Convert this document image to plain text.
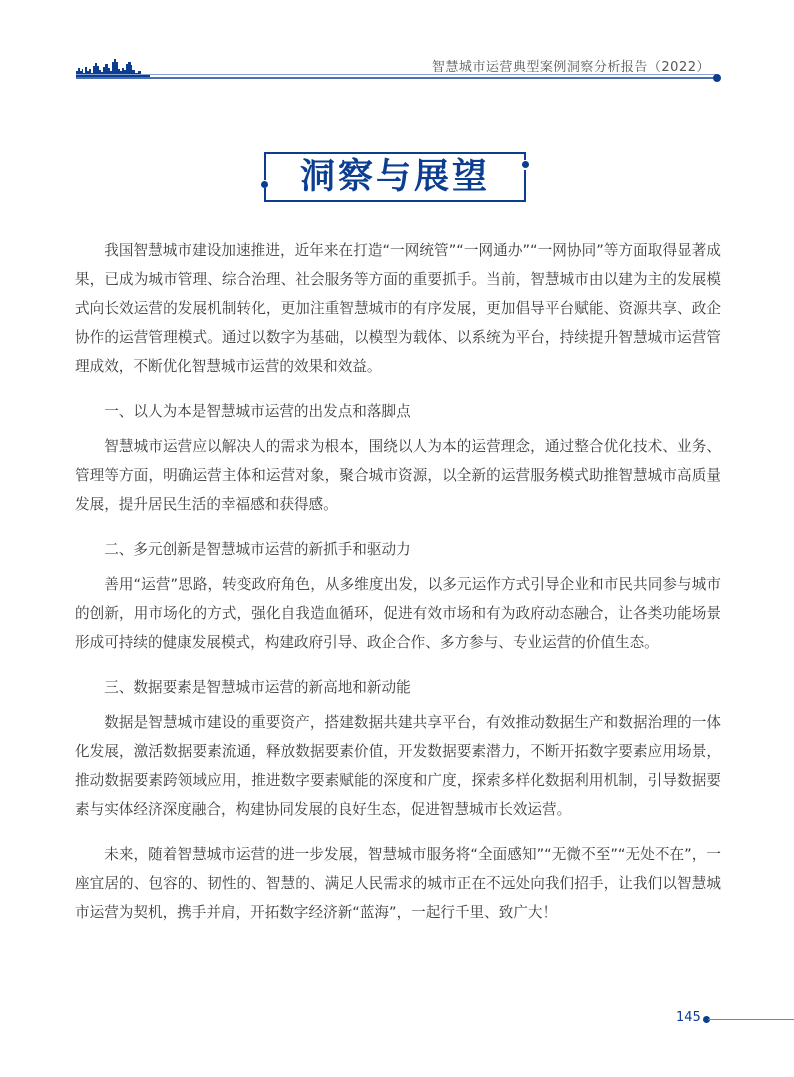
智慧城市运营典型案例洞察分析报告（2022）
洞察与展望

我国智慧城市建设加速推进，近年来在打造“一网统管”“一网通办”“一网协同”等方面取得显著成果，已成为城市管理、综合治理、社会服务等方面的重要抓手。当前，智慧城市由以建为主的发展模式向长效运营的发展机制转化，更加注重智慧城市的有序发展，更加倡导平台赋能、资源共享、政企协作的运营管理模式。通过以数字为基础，以模型为载体、以系统为平台，持续提升智慧城市运营管理成效，不断优化智慧城市运营的效果和效益。

一、以人为本是智慧城市运营的出发点和落脚点

智慧城市运营应以解决人的需求为根本，围绕以人为本的运营理念，通过整合优化技术、业务、管理等方面，明确运营主体和运营对象，聚合城市资源，以全新的运营服务模式助推智慧城市高质量发展，提升居民生活的幸福感和获得感。

二、多元创新是智慧城市运营的新抓手和驱动力

善用“运营”思路，转变政府角色，从多维度出发，以多元运作方式引导企业和市民共同参与城市的创新，用市场化的方式，强化自我造血循环，促进有效市场和有为政府动态融合，让各类功能场景形成可持续的健康发展模式，构建政府引导、政企合作、多方参与、专业运营的价值生态。

三、数据要素是智慧城市运营的新高地和新动能

数据是智慧城市建设的重要资产，搭建数据共建共享平台，有效推动数据生产和数据治理的一体化发展，激活数据要素流通，释放数据要素价值，开发数据要素潜力，不断开拓数字要素应用场景，推动数据要素跨领域应用，推进数字要素赋能的深度和广度，探索多样化数据利用机制，引导数据要素与实体经济深度融合，构建协同发展的良好生态，促进智慧城市长效运营。

未来，随着智慧城市运营的进一步发展，智慧城市服务将“全面感知”“无微不至”“无处不在”，一座宜居的、包容的、韧性的、智慧的、满足人民需求的城市正在不远处向我们招手，让我们以智慧城市运营为契机，携手并肩，开拓数字经济新“蓝海”，一起行千里、致广大！

145
